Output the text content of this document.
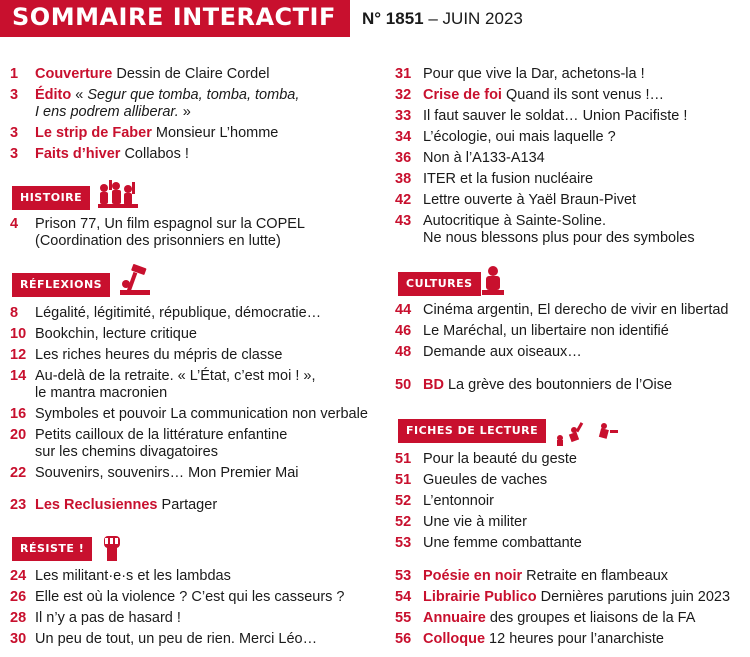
SOMMAIRE INTERACTIF N° 1851 – JUIN 2023
1	Couverture Dessin de Claire Cordel
3	Édito « Segur que tomba, tomba, tomba,
I ens podrem alliberar. »
3	Le strip de Faber Monsieur L’homme
3	Faits d’hiver Collabos !
HISTOIRE
4	Prison 77, Un film espagnol sur la COPEL
(Coordination des prisonniers en lutte)
RÉFLEXIONS
8	Légalité, légitimité, république, démocratie…
10 Bookchin, lecture critique
12 Les riches heures du mépris de classe
14 Au-delà de la retraite. « L’État, c’est moi ! »,
le mantra macronien
16 Symboles et pouvoir La communication non verbale
20 Petits cailloux de la littérature enfantine
sur les chemins divagatoires
22 Souvenirs, souvenirs… Mon Premier Mai
23 Les Reclusiennes Partager
RÉSISTE !
24 Les militant·e·s et les lambdas
26 Elle est où la violence ? C’est qui les casseurs ?
28 Il n’y a pas de hasard !
30 Un peu de tout, un peu de rien. Merci Léo…
31 Pour que vive la Dar, achetons-la !
32 Crise de foi Quand ils sont venus !…
33 Il faut sauver le soldat… Union Pacifiste !
34 L’écologie, oui mais laquelle ?
36 Non à l’A133-A134
38 ITER et la fusion nucléaire
42 Lettre ouverte à Yaël Braun-Pivet
43 Autocritique à Sainte-Soline.
Ne nous blessons plus pour des symboles
CULTURES
44 Cinéma argentin, El derecho de vivir en libertad
46 Le Maréchal, un libertaire non identifié
48 Demande aux oiseaux…
50 BD La grève des boutonniers de l’Oise
FICHES DE LECTURE
51 Pour la beauté du geste
51 Gueules de vaches
52 L’entonnoir
52 Une vie à militer
53 Une femme combattante
53 Poésie en noir Retraite en flambeaux
54 Librairie Publico Dernières parutions juin 2023
55 Annuaire des groupes et liaisons de la FA
56 Colloque 12 heures pour l’anarchiste
